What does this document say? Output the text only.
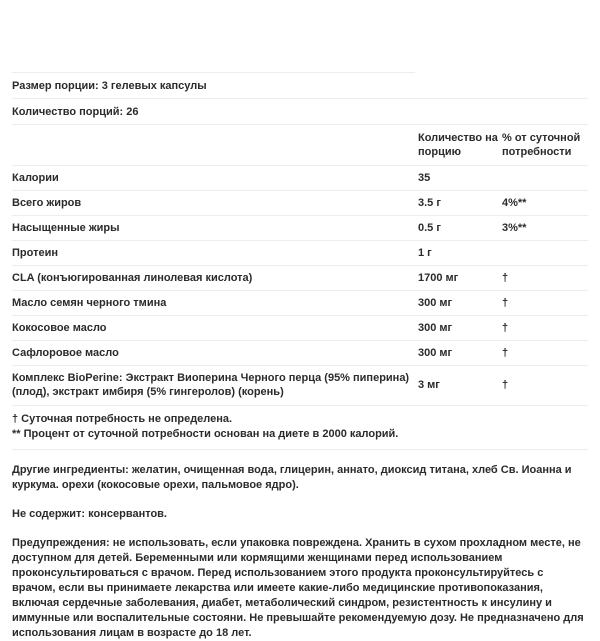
Размер порции: 3 гелевых капсулы
Количество порций: 26
	Количество на порцию	% от суточной потребности
Калории	35	
Всего жиров	3.5 г	4%**
Насыщенные жиры	0.5 г	3%**
Протеин	1 г	
CLA (конъюгированная линолевая кислота)	1700 мг	†
Масло семян черного тмина	300 мг	†
Кокосовое масло	300 мг	†
Сафлоровое масло	300 мг	†
Комплекс BioPerine: Экстракт Виоперина Черного перца (95% пиперина) (плод), экстракт имбиря (5% гингеролов) (корень)	3 мг	†
† Суточная потребность не определена.
** Процент от суточной потребности основан на диете в 2000 калорий.
Другие ингредиенты: желатин, очищенная вода, глицерин, аннато, диоксид титана, хлеб Св. Иоанна и куркума. орехи (кокосовые орехи, пальмовое ядро).
Не содержит: консервантов.
Предупреждения: не использовать, если упаковка повреждена. Хранить в сухом прохладном месте, не доступном для детей. Беременными или кормящими женщинами перед использованием проконсультироваться с врачом. Перед использованием этого продукта проконсультируйтесь с врачом, если вы принимаете лекарства или имеете какие-либо медицинские противопоказания, включая сердечные заболевания, диабет, метаболический синдром, резистентность к инсулину и иммунные или воспалительные состояни. Не превышайте рекомендуемую дозу. Не предназначено для использования лицам в возрасте до 18 лет.
